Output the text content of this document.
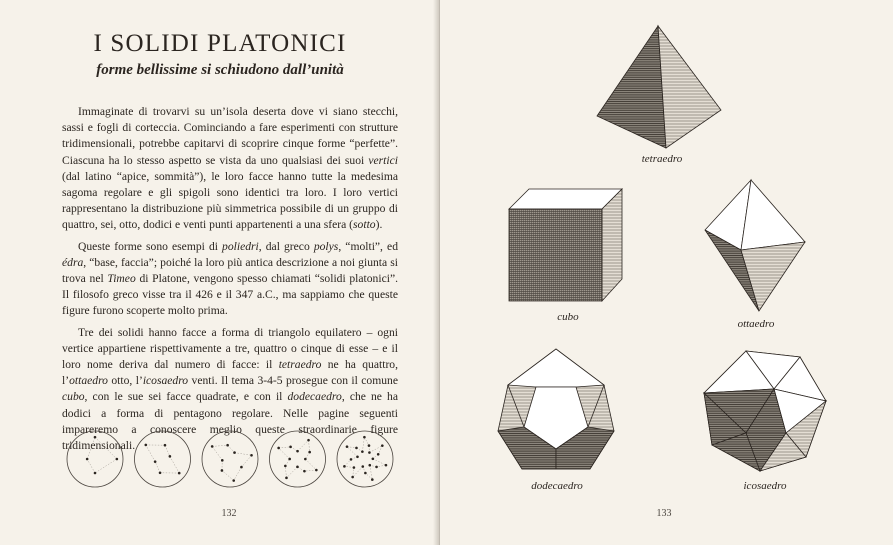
I SOLIDI PLATONICI
forme bellissime si schiudono dall’unità

Immaginate di trovarvi su un’isola deserta dove vi siano stecchi, sassi e fogli di corteccia. Cominciando a fare esperimenti con strutture tridimensionali, potrebbe capitarvi di scoprire cinque forme “perfette”. Ciascuna ha lo stesso aspetto se vista da uno qualsiasi dei suoi vertici (dal latino “apice, sommità”), le loro facce hanno tutte la medesima sagoma regolare e gli spigoli sono identici tra loro. I loro vertici rappresentano la distribuzione più simmetrica possibile di un gruppo di quattro, sei, otto, dodici e venti punti appartenenti a una sfera (sotto).

Queste forme sono esempi di poliedri, dal greco polys, “molti”, ed édra, “base, faccia”; poiché la loro più antica descrizione a noi giunta si trova nel Timeo di Platone, vengono spesso chiamati “solidi platonici”. Il filosofo greco visse tra il 426 e il 347 a.C., ma sappiamo che queste figure furono scoperte molto prima.

Tre dei solidi hanno facce a forma di triangolo equilatero – ogni vertice appartiene rispettivamente a tre, quattro o cinque di esse – e il loro nome deriva dal numero di facce: il tetraedro ne ha quattro, l’ottaedro otto, l’icosaedro venti. Il tema 3-4-5 prosegue con il comune cubo, con le sue sei facce quadrate, e con il dodecaedro, che ne ha dodici a forma di pentagono regolare. Nelle pagine seguenti impareremo a conoscere meglio queste straordinarie figure tridimensionali.

132
tetraedro
cubo
ottaedro
dodecaedro	icosaedro
133
